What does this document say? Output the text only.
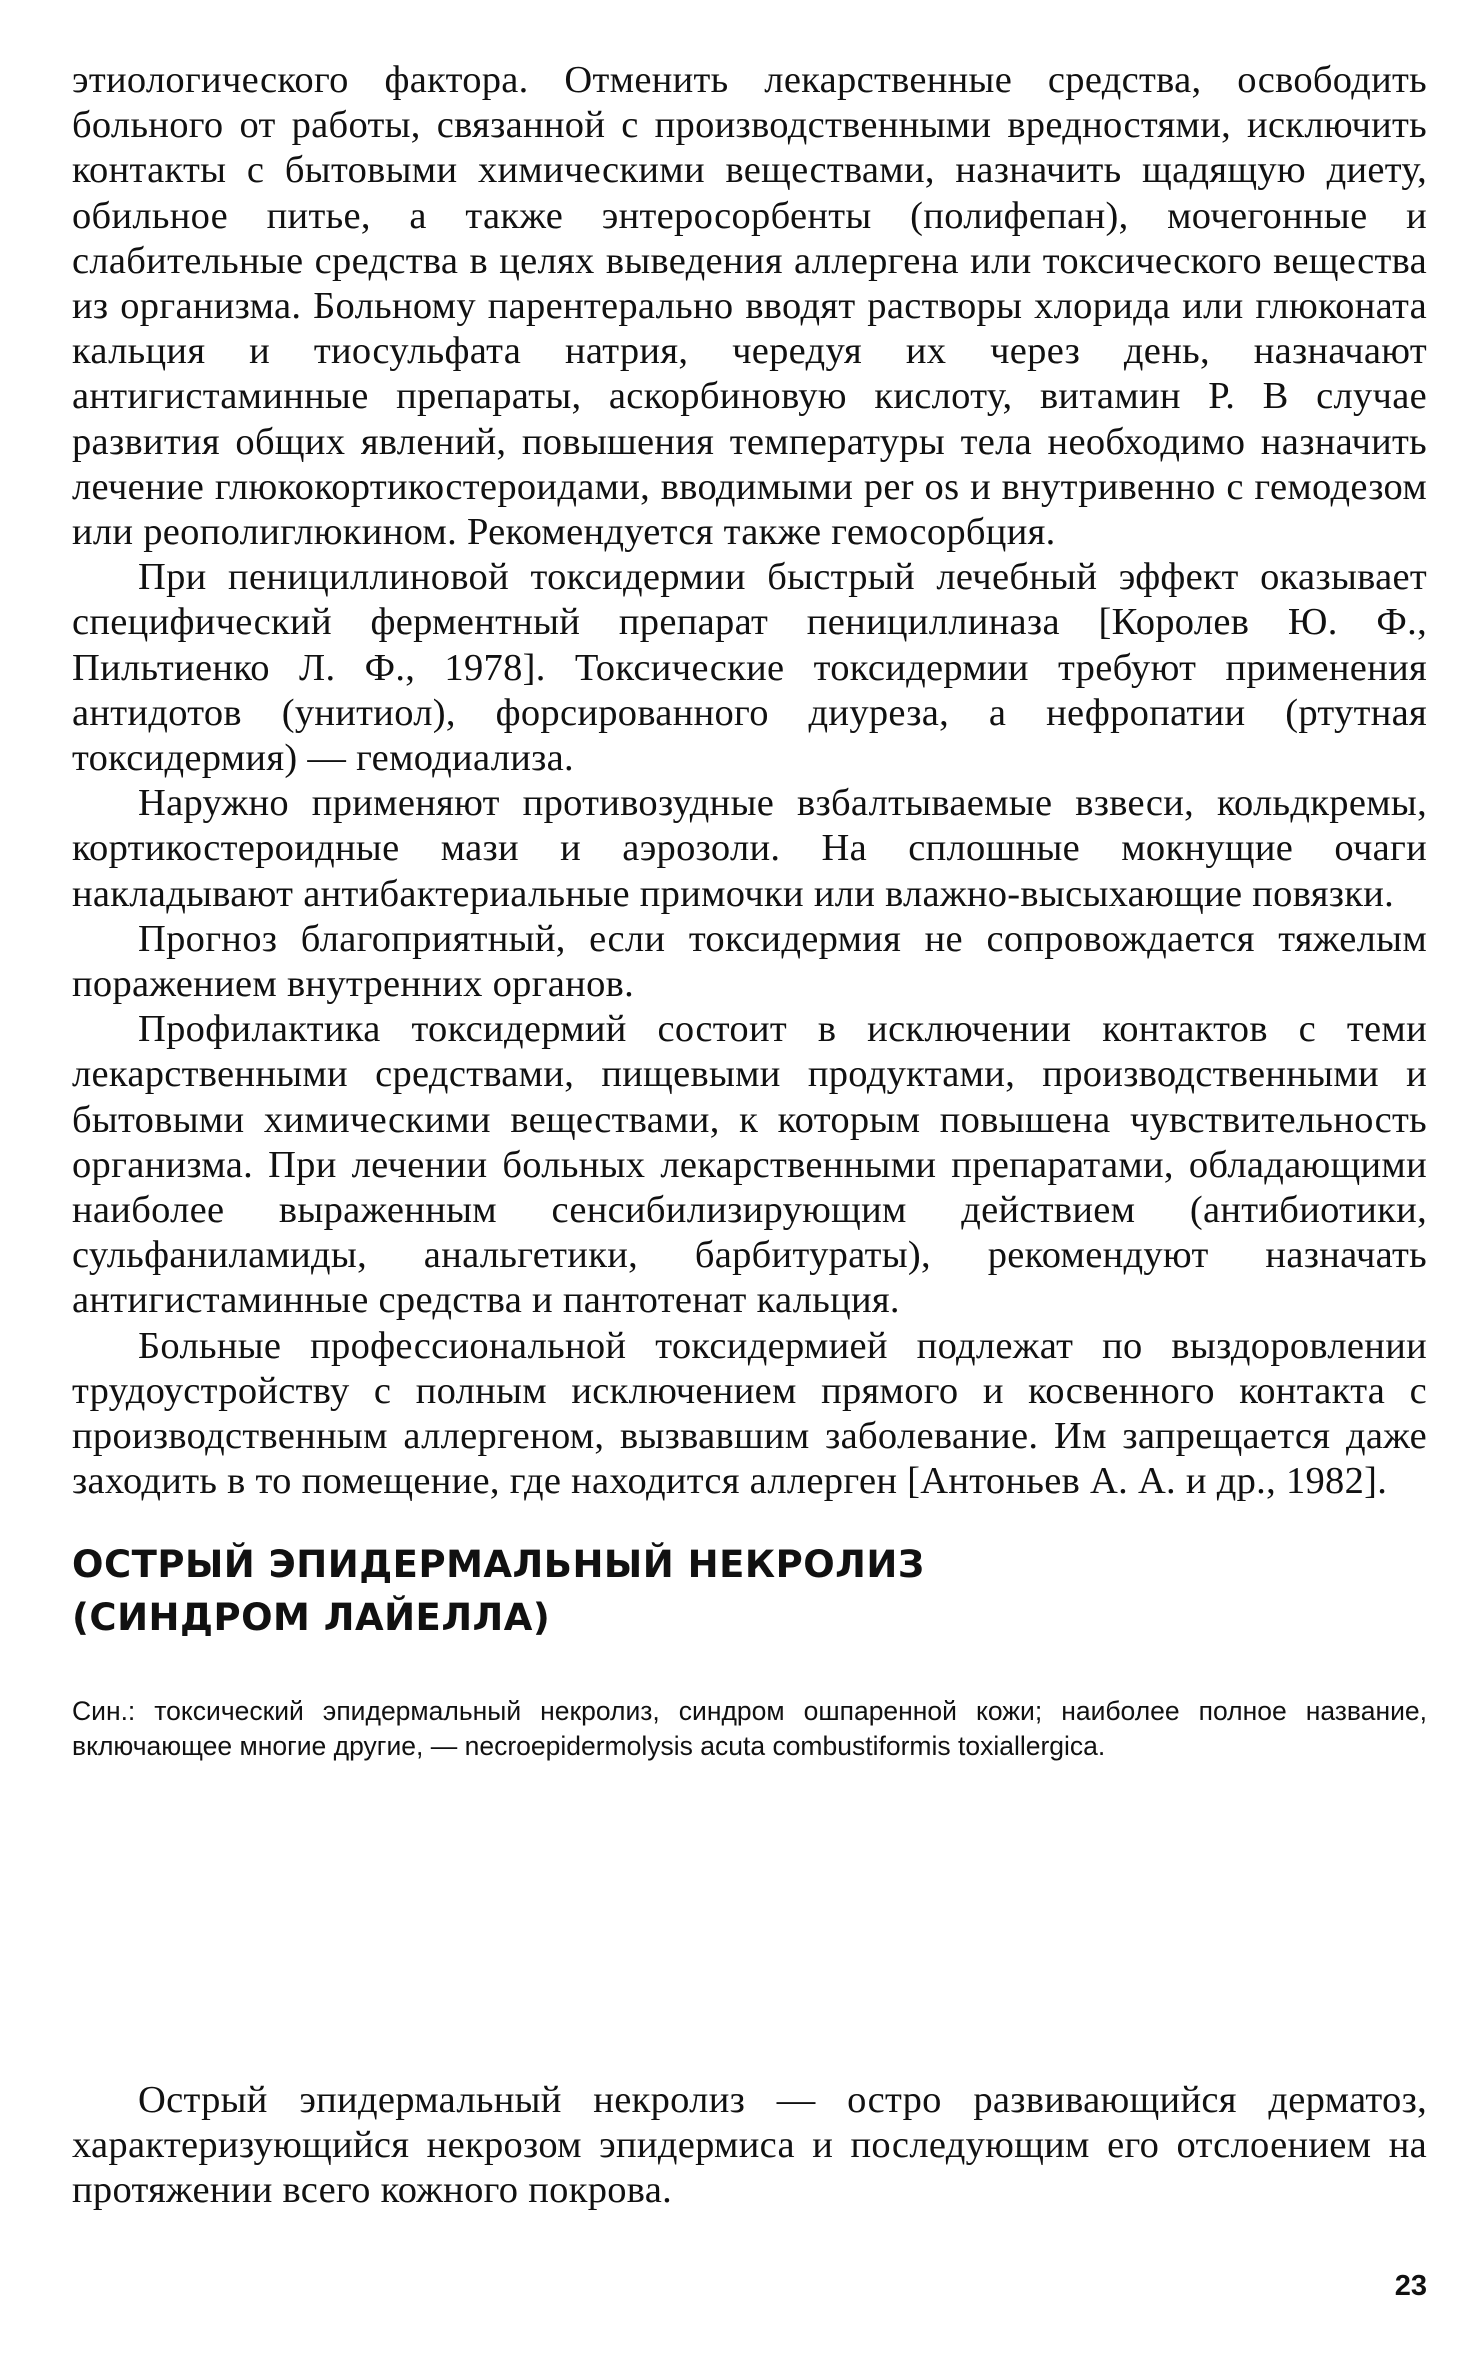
этиологического фактора. Отменить лекарственные средства, освободить больного от работы, связанной с производственными вредностями, исключить контакты с бытовыми химическими веществами, назначить щадящую диету, обильное питье, а также энтеросорбенты (полифепан), мочегонные и слабительные средства в целях выведения аллергена или токсического вещества из организма. Больному парентерально вводят растворы хлорида или глюконата кальция и тиосульфата натрия, чередуя их через день, назначают антигистаминные препараты, аскорбиновую кислоту, витамин Р. В случае развития общих явлений, повышения температуры тела необходимо назначить лечение глюкокортикостероидами, вводимыми per os и внутривенно с гемодезом или реополиглюкином. Рекомендуется также гемосорбция.

При пенициллиновой токсидермии быстрый лечебный эффект оказывает специфический ферментный препарат пенициллиназа [Королев Ю. Ф., Пильтиенко Л. Ф., 1978]. Токсические токсидермии требуют применения антидотов (унитиол), форсированного диуреза, а нефропатии (ртутная токсидермия) — гемодиализа.

Наружно применяют противозудные взбалтываемые взвеси, кольдкремы, кортикостероидные мази и аэрозоли. На сплошные мокнущие очаги накладывают антибактериальные примочки или влажно-высыхающие повязки.

Прогноз благоприятный, если токсидермия не сопровождается тяжелым поражением внутренних органов.

Профилактика токсидермий состоит в исключении контактов с теми лекарственными средствами, пищевыми продуктами, производственными и бытовыми химическими веществами, к которым повышена чувствительность организма. При лечении больных лекарственными препаратами, обладающими наиболее выраженным сенсибилизирующим действием (антибиотики, сульфаниламиды, анальгетики, барбитураты), рекомендуют назначать антигистаминные средства и пантотенат кальция.

Больные профессиональной токсидермией подлежат по выздоровлении трудоустройству с полным исключением прямого и косвенного контакта с производственным аллергеном, вызвавшим заболевание. Им запрещается даже заходить в то помещение, где находится аллерген [Антоньев А. А. и др., 1982].

ОСТРЫЙ ЭПИДЕРМАЛЬНЫЙ НЕКРОЛИЗ
(СИНДРОМ ЛАЙЕЛЛА)

Син.: токсический эпидермальный некролиз, синдром ошпаренной кожи; наиболее полное название, включающее многие другие, — necroepidermolysis acuta combustiformis toxiallergica.

Острый эпидермальный некролиз — остро развивающийся дерматоз, характеризующийся некрозом эпидермиса и последующим его отслоением на протяжении всего кожного покрова.

23
